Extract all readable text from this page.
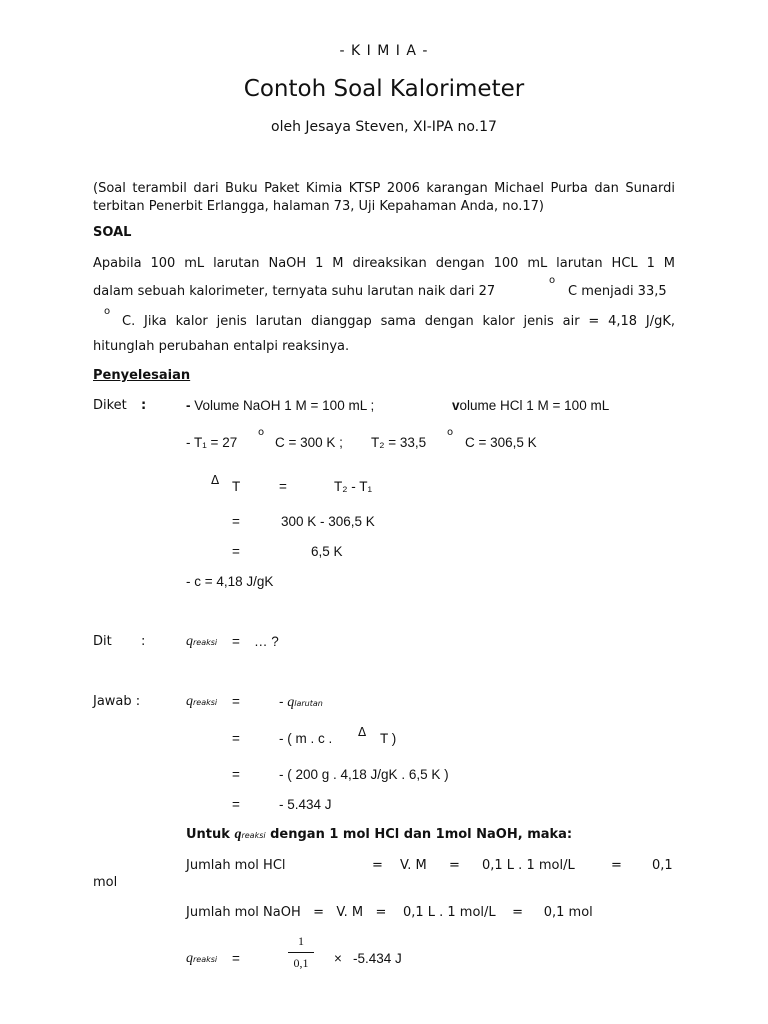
- K I M I A -
Contoh Soal Kalorimeter
oleh Jesaya Steven, XI-IPA no.17
(Soal terambil dari Buku Paket Kimia KTSP 2006 karangan Michael Purba dan Sunardi
terbitan Penerbit Erlangga, halaman 73, Uji Kepahaman Anda, no.17)
SOAL
Apabila 100 mL larutan NaOH 1 M direaksikan dengan 100 mL larutan HCL 1 M
dalam sebuah kalorimeter, ternyata suhu larutan naik dari 27
o
C menjadi 33,5
o
C. Jika kalor jenis larutan dianggap sama dengan kalor jenis air = 4,18 J/gK,
hitunglah perubahan entalpi reaksinya.
Penyelesaian
Diket :	- Volume NaOH 1 M = 100 mL ;	volume HCl 1 M = 100 mL
- T₁ = 27
o
C = 300 K ; T₂ = 33,5
o
C = 306,5 K
Δ T	=	T₂ - T₁
=	300 K - 306,5 K
=	6,5 K
- c = 4,18 J/gK
Dit :	qreaksi = … ?
Jawab :	qreaksi =	- qlarutan
=	- ( m . c . Δ T )
=	- ( 200 g . 4,18 J/gK . 6,5 K )
=	- 5.434 J
Untuk qreaksi dengan 1 mol HCl dan 1mol NaOH, maka:
Jumlah mol HCl	= V. M = 0,1 L . 1 mol/L	= 0,1
mol
Jumlah mol NaOH   =   V. M   =    0,1 L . 1 mol/L    =     0,1 mol
qreaksi =
1
0,1	× -5.434 J
